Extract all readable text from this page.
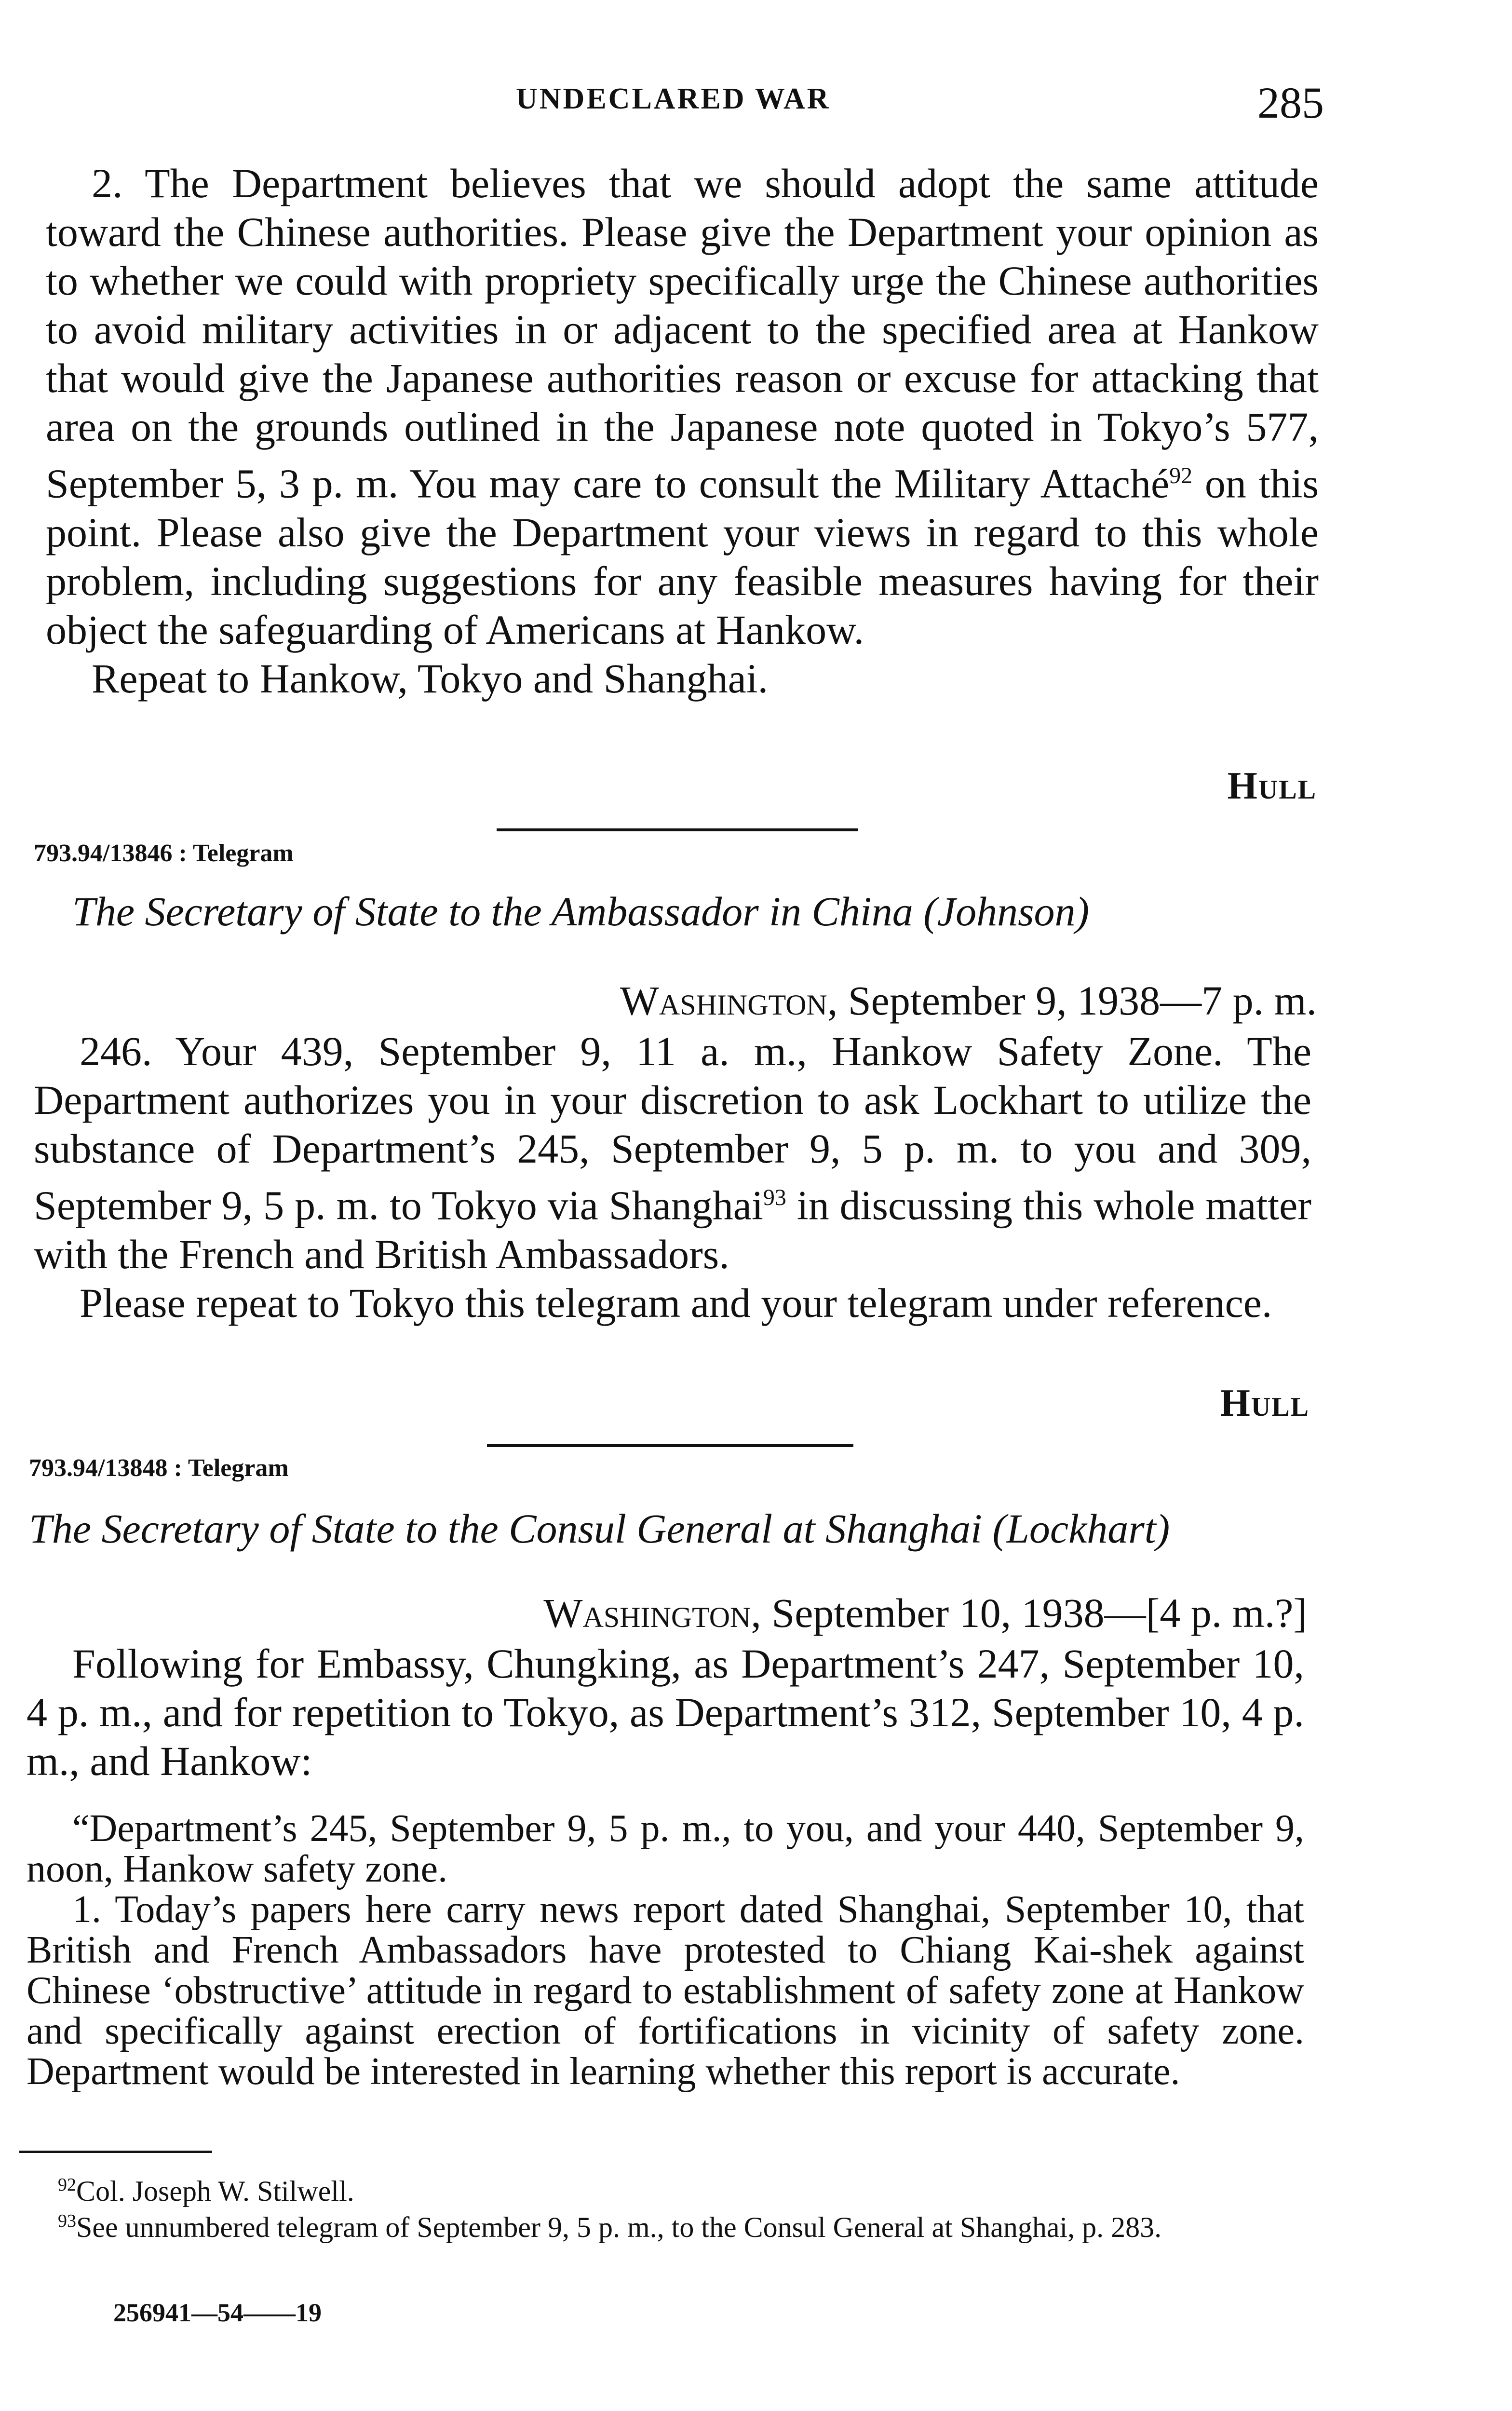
UNDECLARED WAR	285

2. The Department believes that we should adopt the same attitude toward the Chinese authorities. Please give the Department your opinion as to whether we could with propriety specifically urge the Chinese authorities to avoid military activities in or adjacent to the specified area at Hankow that would give the Japanese authorities reason or excuse for attacking that area on the grounds outlined in the Japanese note quoted in Tokyo’s 577, September 5, 3 p. m. You may care to consult the Military Attaché$^{92}$ on this point. Please also give the Department your views in regard to this whole problem, including suggestions for any feasible measures having for their object the safeguarding of Americans at Hankow.

Repeat to Hankow, Tokyo and Shanghai.

Hull
793.94/13846 : Telegram
The Secretary of State to the Ambassador in China (Johnson)
Washington, September 9, 1938—7 p. m.

246. Your 439, September 9, 11 a. m., Hankow Safety Zone. The Department authorizes you in your discretion to ask Lockhart to utilize the substance of Department’s 245, September 9, 5 p. m. to you and 309, September 9, 5 p. m. to Tokyo via Shanghai$^{93}$ in discussing this whole matter with the French and British Ambassadors.

Please repeat to Tokyo this telegram and your telegram under reference.

Hull
793.94/13848 : Telegram
The Secretary of State to the Consul General at Shanghai (Lockhart)
Washington, September 10, 1938—[4 p. m.?]

Following for Embassy, Chungking, as Department’s 247, September 10, 4 p. m., and for repetition to Tokyo, as Department’s 312, September 10, 4 p. m., and Hankow:

“Department’s 245, September 9, 5 p. m., to you, and your 440, September 9, noon, Hankow safety zone.

1. Today’s papers here carry news report dated Shanghai, September 10, that British and French Ambassadors have protested to Chiang Kai-shek against Chinese ‘obstructive’ attitude in regard to establishment of safety zone at Hankow and specifically against erection of fortifications in vicinity of safety zone. Department would be interested in learning whether this report is accurate.

$^{92}$Col. Joseph W. Stilwell.
$^{93}$See unnumbered telegram of September 9, 5 p. m., to the Consul General at Shanghai, p. 283.
256941—54——19
